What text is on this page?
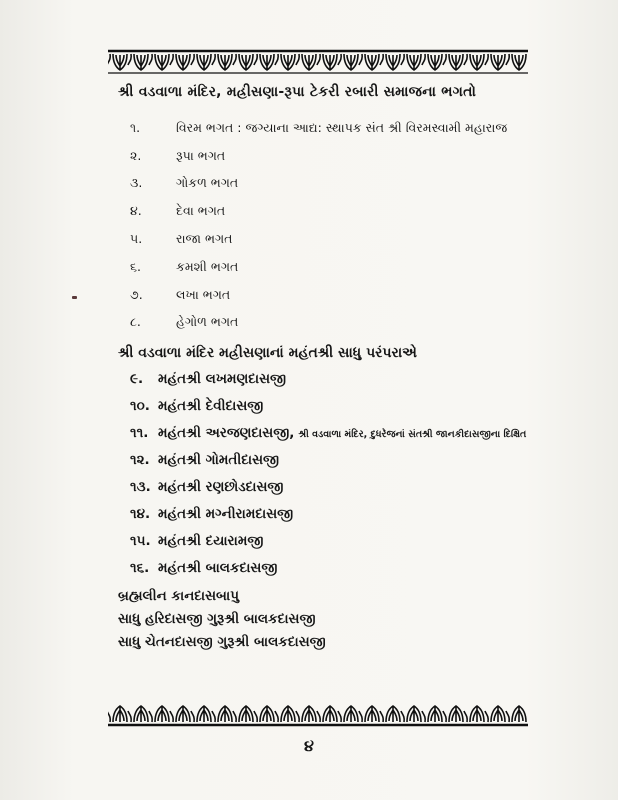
શ્રી વડવાળા મંદિર, મહ્રીસણા-રૂપા ટેકરી રબારી સમાજના ભગતો
૧.	વિરમ ભગત : જગ્યાના આદ્ય: સ્થાપક સંત શ્રી વિરમસ્વામી મહારાજ
૨.	રૂપા ભગત
૩.	ગોકળ ભગત
૪.	દેવા ભગત
૫.	રાજા ભગત
૬.	કમશી ભગત
૭.	લખા ભગત
૮.	હેગોળ ભગત
શ્રી વડવાળા મંદિર મહ્રીસણાનાં મહંતશ્રી સાધુ પરંપરાએ
૯.	મહંતશ્રી લખમણદાસજી
૧૦. મહંતશ્રી દેવીદાસજી
૧૧. મહંતશ્રી અરજણદાસજી, શ્રી વડવાળા મંદિર, દુધરેજનાં સંતશ્રી જાનકીદાસજીના દિક્ષિત
૧૨. મહંતશ્રી ગોમતીદાસજી
૧૩. મહંતશ્રી રણછોડદાસજી
૧૪. મહંતશ્રી મગ્નીરામદાસજી
૧૫. મહંતશ્રી દયારામજી
૧૬. મહંતશ્રી બાલકદાસજી
બ્રહ્મલીન કાનદાસબાપુ
સાધુ હરિદાસજી ગુરૂશ્રી બાલકદાસજી
સાધુ ચેતનદાસજી ગુરૂશ્રી બાલકદાસજી
૪
